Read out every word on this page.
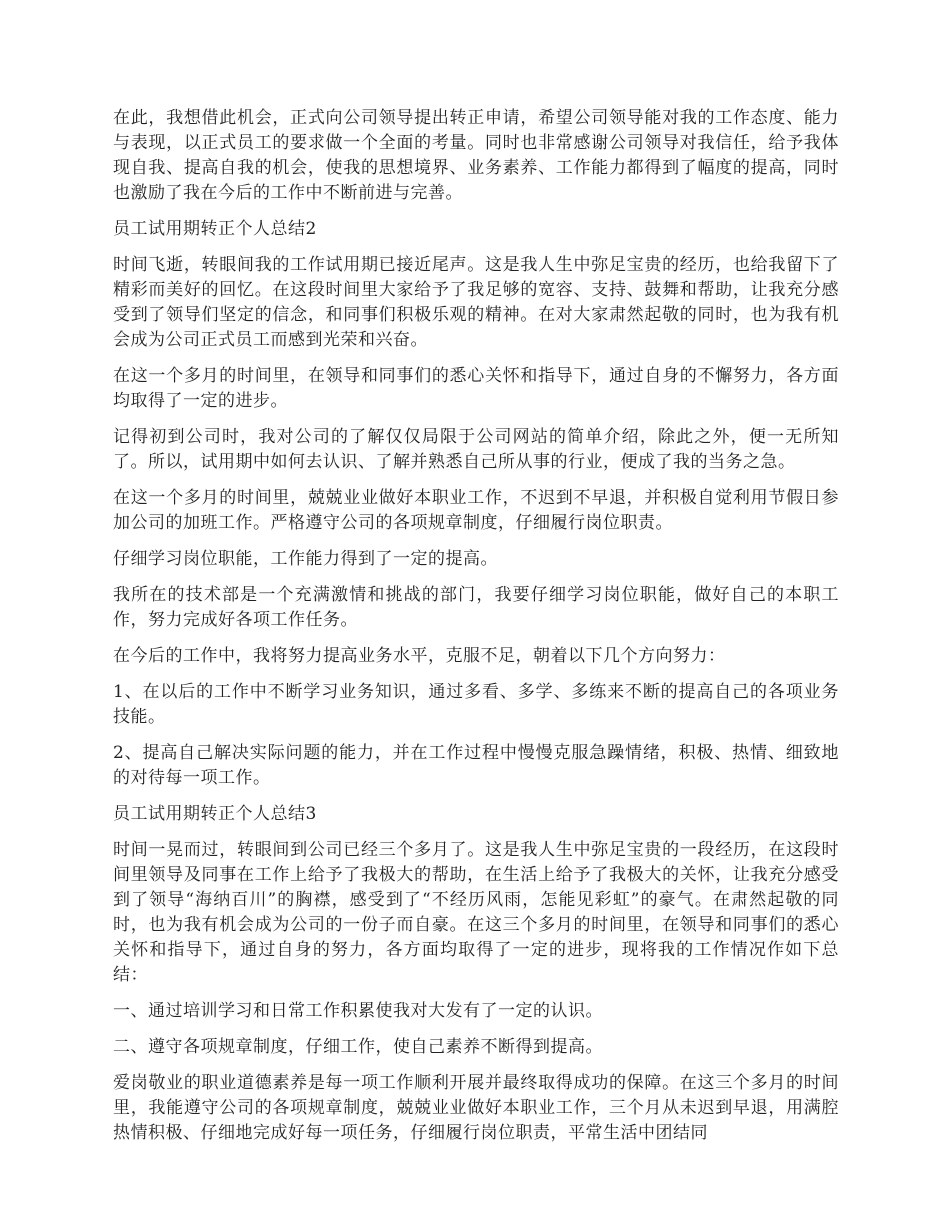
在此，我想借此机会，正式向公司领导提出转正申请，希望公司领导能对我的工作态度、能力与表现，以正式员工的要求做一个全面的考量。同时也非常感谢公司领导对我信任，给予我体现自我、提高自我的机会，使我的思想境界、业务素养、工作能力都得到了幅度的提高，同时也激励了我在今后的工作中不断前进与完善。

员工试用期转正个人总结2

时间飞逝，转眼间我的工作试用期已接近尾声。这是我人生中弥足宝贵的经历，也给我留下了精彩而美好的回忆。在这段时间里大家给予了我足够的宽容、支持、鼓舞和帮助，让我充分感受到了领导们坚定的信念，和同事们积极乐观的精神。在对大家肃然起敬的同时，也为我有机会成为公司正式员工而感到光荣和兴奋。

在这一个多月的时间里，在领导和同事们的悉心关怀和指导下，通过自身的不懈努力，各方面均取得了一定的进步。

记得初到公司时，我对公司的了解仅仅局限于公司网站的简单介绍，除此之外，便一无所知了。所以，试用期中如何去认识、了解并熟悉自己所从事的行业，便成了我的当务之急。

在这一个多月的时间里，兢兢业业做好本职业工作，不迟到不早退，并积极自觉利用节假日参加公司的加班工作。严格遵守公司的各项规章制度，仔细履行岗位职责。

仔细学习岗位职能，工作能力得到了一定的提高。

我所在的技术部是一个充满激情和挑战的部门，我要仔细学习岗位职能，做好自己的本职工作，努力完成好各项工作任务。

在今后的工作中，我将努力提高业务水平，克服不足，朝着以下几个方向努力：

1、在以后的工作中不断学习业务知识，通过多看、多学、多练来不断的提高自己的各项业务技能。

2、提高自己解决实际问题的能力，并在工作过程中慢慢克服急躁情绪，积极、热情、细致地的对待每一项工作。

员工试用期转正个人总结3

时间一晃而过，转眼间到公司已经三个多月了。这是我人生中弥足宝贵的一段经历，在这段时间里领导及同事在工作上给予了我极大的帮助，在生活上给予了我极大的关怀，让我充分感受到了领导“海纳百川”的胸襟，感受到了“不经历风雨，怎能见彩虹”的豪气。在肃然起敬的同时，也为我有机会成为公司的一份子而自豪。在这三个多月的时间里，在领导和同事们的悉心关怀和指导下，通过自身的努力，各方面均取得了一定的进步，现将我的工作情况作如下总结：

一、通过培训学习和日常工作积累使我对大发有了一定的认识。

二、遵守各项规章制度，仔细工作，使自己素养不断得到提高。

爱岗敬业的职业道德素养是每一项工作顺利开展并最终取得成功的保障。在这三个多月的时间里，我能遵守公司的各项规章制度，兢兢业业做好本职业工作，三个月从未迟到早退，用满腔热情积极、仔细地完成好每一项任务，仔细履行岗位职责，平常生活中团结同
